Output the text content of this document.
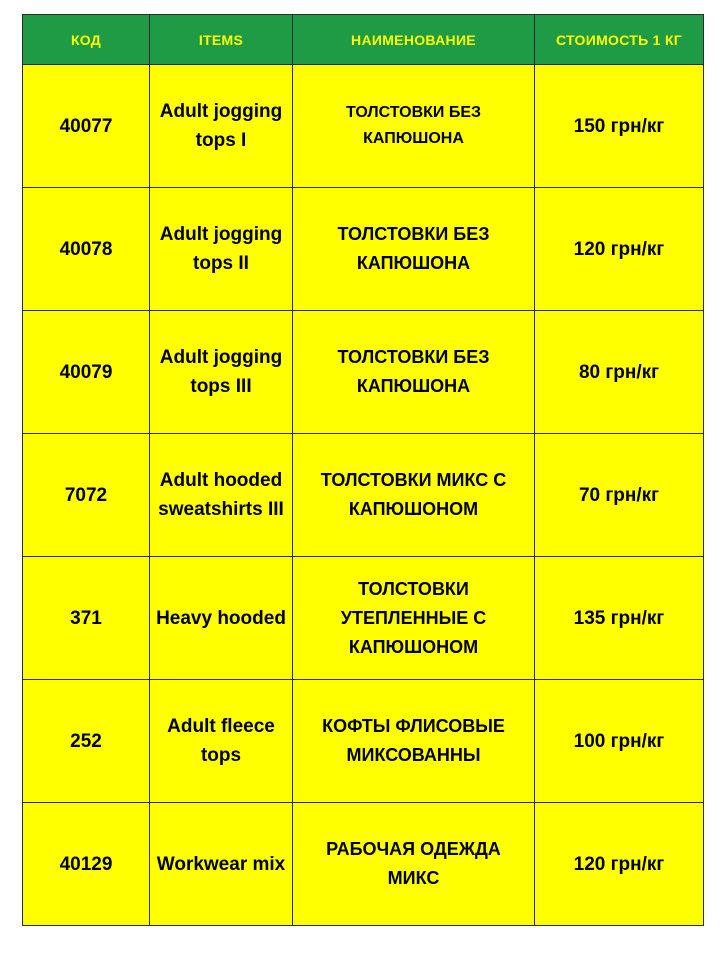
КОД	ITEMS	НАИМЕНОВАНИЕ	СТОИМОСТЬ 1 КГ
40077	Adult jogging tops I	ТОЛСТОВКИ БЕЗ КАПЮШОНА	150 грн/кг
40078	Adult jogging tops II	ТОЛСТОВКИ БЕЗ КАПЮШОНА	120 грн/кг
40079	Adult jogging tops III	ТОЛСТОВКИ БЕЗ КАПЮШОНА	80 грн/кг
7072	Adult hooded sweatshirts III	ТОЛСТОВКИ МИКС С КАПЮШОНОМ	70 грн/кг
371	Heavy hooded	ТОЛСТОВКИ УТЕПЛЕННЫЕ С КАПЮШОНОМ	135 грн/кг
252	Adult fleece tops	КОФТЫ ФЛИСОВЫЕ МИКСОВАННЫ	100 грн/кг
40129	Workwear mix	РАБОЧАЯ ОДЕЖДА МИКС	120 грн/кг
